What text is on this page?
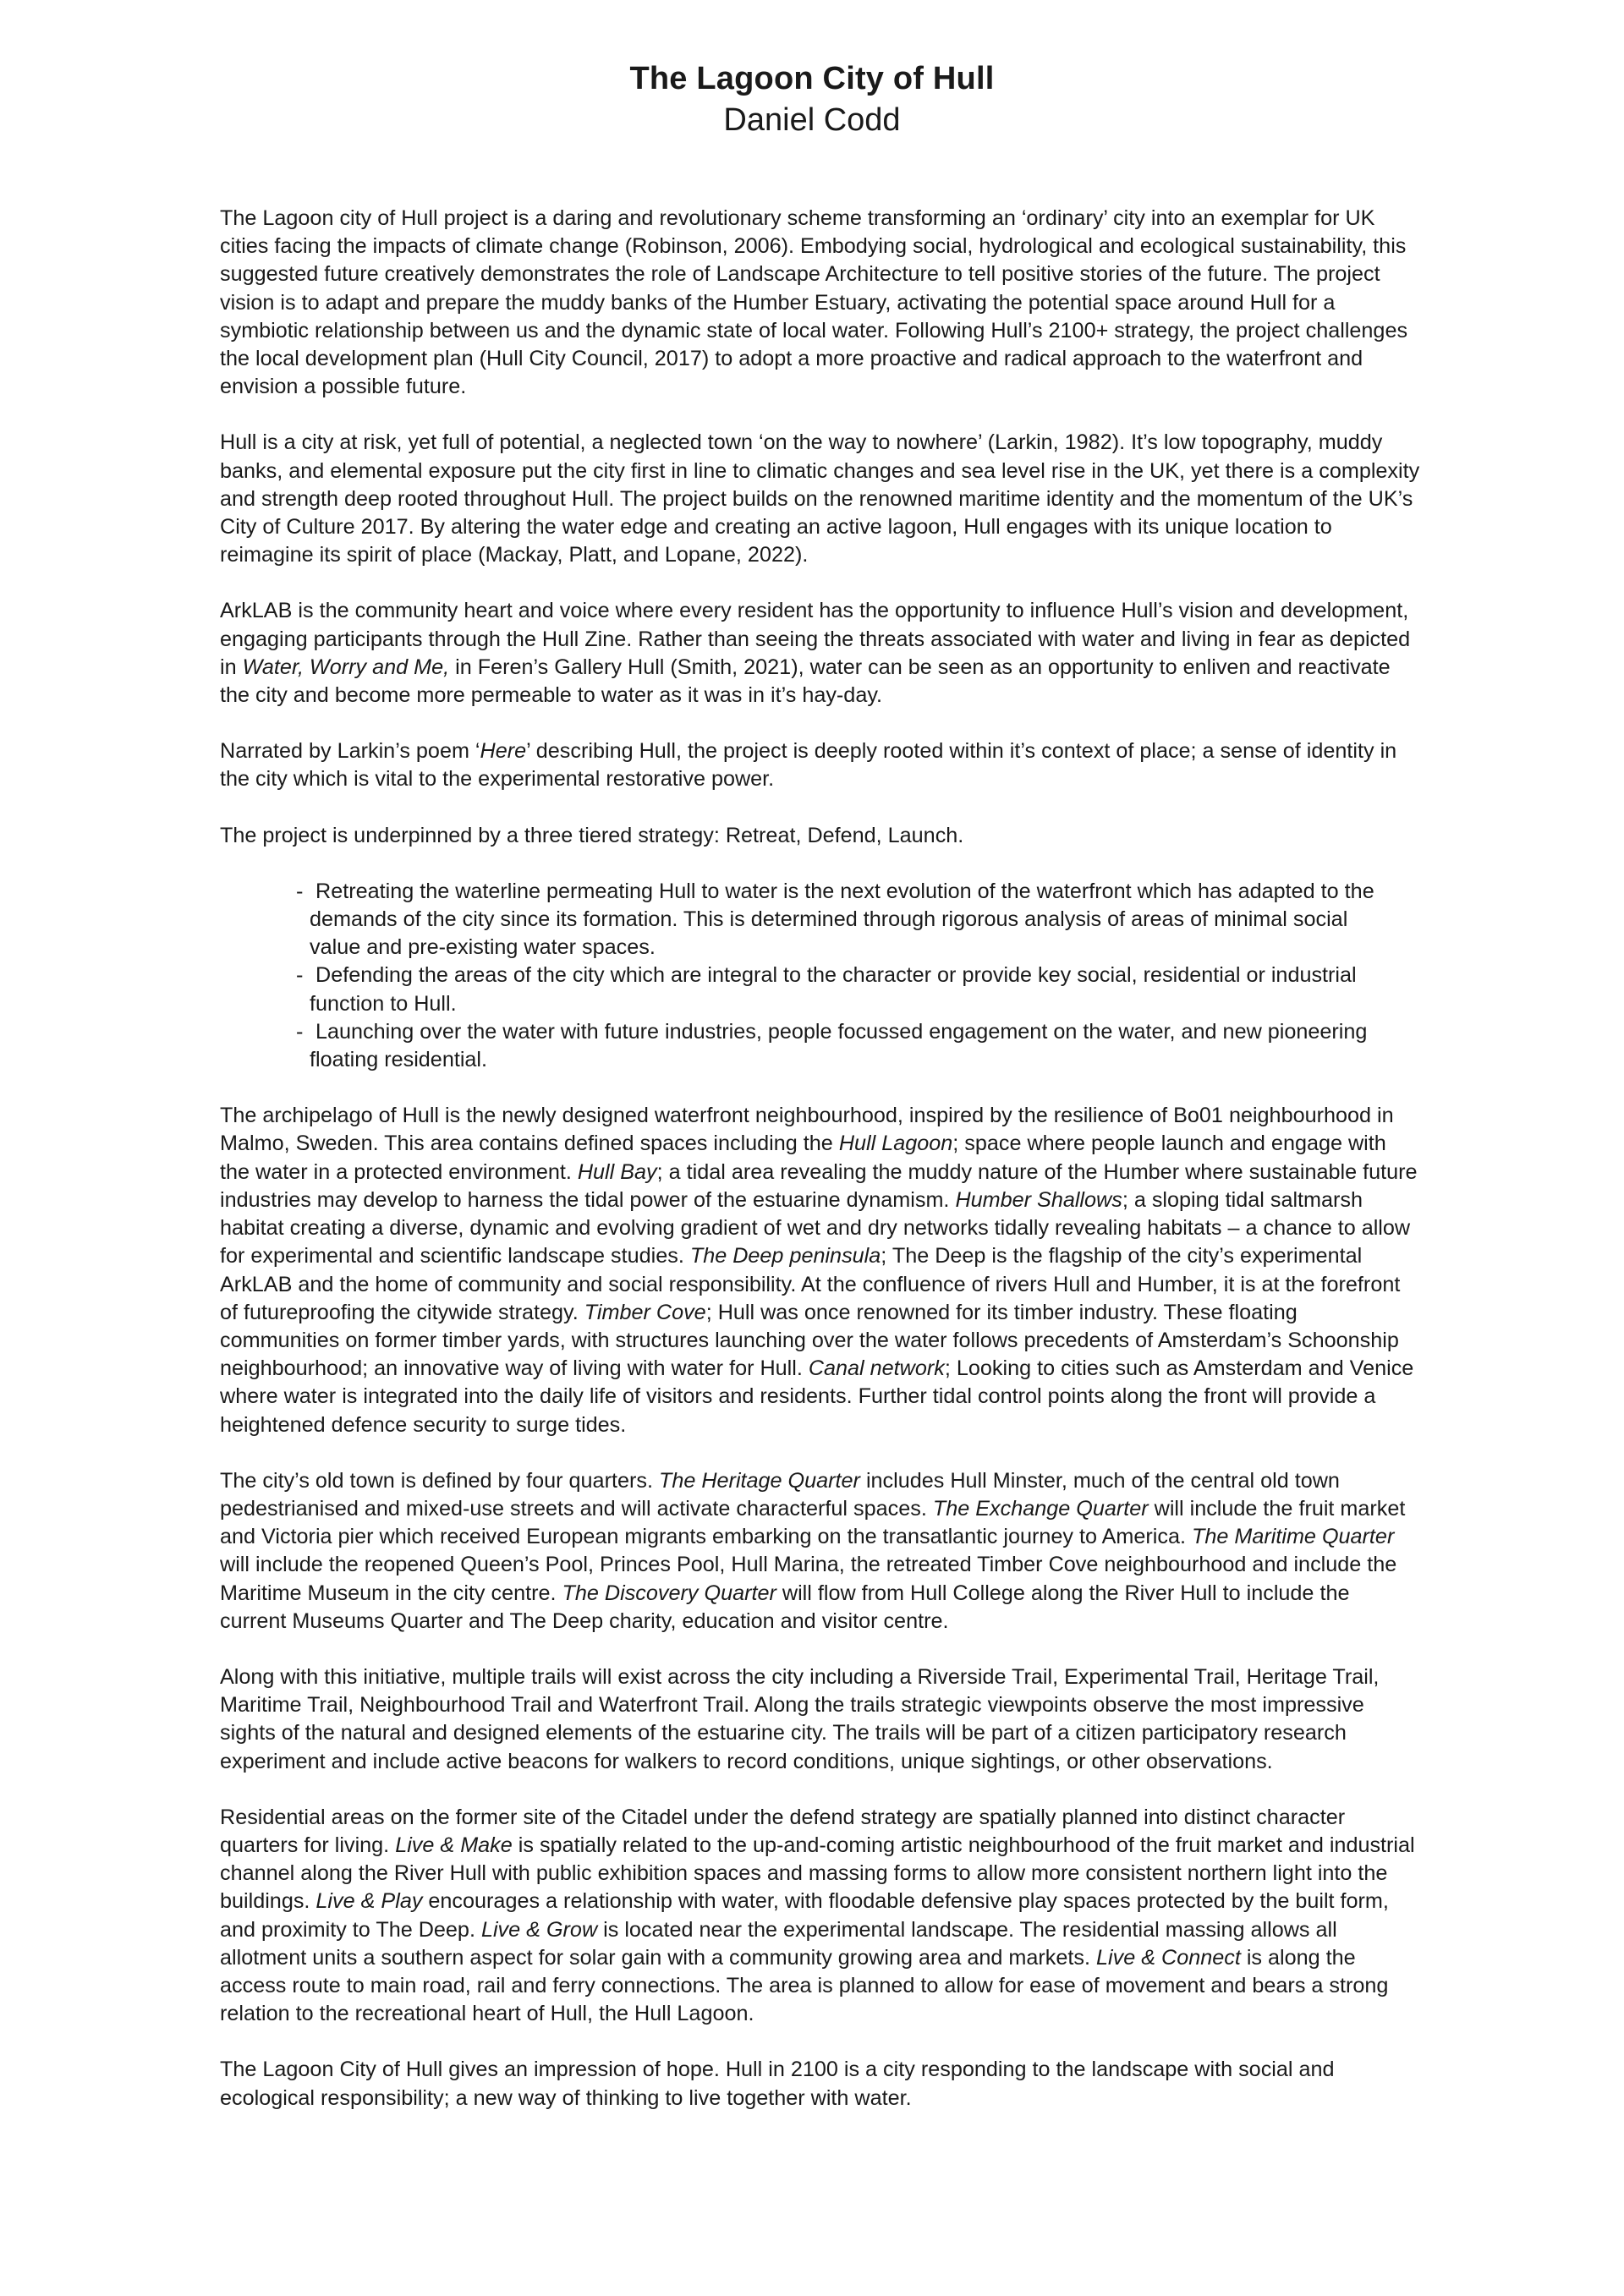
The Lagoon City of Hull
Daniel Codd

The Lagoon city of Hull project is a daring and revolutionary scheme transforming an ‘ordinary’ city into an exemplar for UK cities facing the impacts of climate change (Robinson, 2006). Embodying social, hydrological and ecological sustainability, this suggested future creatively demonstrates the role of Landscape Architecture to tell positive stories of the future. The project vision is to adapt and prepare the muddy banks of the Humber Estuary, activating the potential space around Hull for a symbiotic relationship between us and the dynamic state of local water. Following Hull’s 2100+ strategy, the project challenges the local development plan (Hull City Council, 2017) to adopt a more proactive and radical approach to the waterfront and envision a possible future.

Hull is a city at risk, yet full of potential, a neglected town ‘on the way to nowhere’ (Larkin, 1982). It’s low topography, muddy banks, and elemental exposure put the city first in line to climatic changes and sea level rise in the UK, yet there is a complexity and strength deep rooted throughout Hull. The project builds on the renowned maritime identity and the momentum of the UK’s City of Culture 2017. By altering the water edge and creating an active lagoon, Hull engages with its unique location to reimagine its spirit of place (Mackay, Platt, and Lopane, 2022).

ArkLAB is the community heart and voice where every resident has the opportunity to influence Hull’s vision and development, engaging participants through the Hull Zine. Rather than seeing the threats associated with water and living in fear as depicted in Water, Worry and Me, in Feren’s Gallery Hull (Smith, 2021), water can be seen as an opportunity to enliven and reactivate the city and become more permeable to water as it was in it’s hay-day.

Narrated by Larkin’s poem ‘Here’ describing Hull, the project is deeply rooted within it’s context of place; a sense of identity in the city which is vital to the experimental restorative power.

The project is underpinned by a three tiered strategy: Retreat, Defend, Launch.

- Retreating the waterline permeating Hull to water is the next evolution of the waterfront which has adapted to the demands of the city since its formation. This is determined through rigorous analysis of areas of minimal social value and pre-existing water spaces.
- Defending the areas of the city which are integral to the character or provide key social, residential or industrial function to Hull.
- Launching over the water with future industries, people focussed engagement on the water, and new pioneering floating residential.

The archipelago of Hull is the newly designed waterfront neighbourhood, inspired by the resilience of Bo01 neighbourhood in Malmo, Sweden. This area contains defined spaces including the Hull Lagoon; space where people launch and engage with the water in a protected environment. Hull Bay; a tidal area revealing the muddy nature of the Humber where sustainable future industries may develop to harness the tidal power of the estuarine dynamism. Humber Shallows; a sloping tidal saltmarsh habitat creating a diverse, dynamic and evolving gradient of wet and dry networks tidally revealing habitats – a chance to allow for experimental and scientific landscape studies. The Deep peninsula; The Deep is the flagship of the city’s experimental ArkLAB and the home of community and social responsibility. At the confluence of rivers Hull and Humber, it is at the forefront of futureproofing the citywide strategy. Timber Cove; Hull was once renowned for its timber industry. These floating communities on former timber yards, with structures launching over the water follows precedents of Amsterdam’s Schoonship neighbourhood; an innovative way of living with water for Hull. Canal network; Looking to cities such as Amsterdam and Venice where water is integrated into the daily life of visitors and residents. Further tidal control points along the front will provide a heightened defence security to surge tides.

The city’s old town is defined by four quarters. The Heritage Quarter includes Hull Minster, much of the central old town pedestrianised and mixed-use streets and will activate characterful spaces. The Exchange Quarter will include the fruit market and Victoria pier which received European migrants embarking on the transatlantic journey to America. The Maritime Quarter will include the reopened Queen’s Pool, Princes Pool, Hull Marina, the retreated Timber Cove neighbourhood and include the Maritime Museum in the city centre. The Discovery Quarter will flow from Hull College along the River Hull to include the current Museums Quarter and The Deep charity, education and visitor centre.

Along with this initiative, multiple trails will exist across the city including a Riverside Trail, Experimental Trail, Heritage Trail, Maritime Trail, Neighbourhood Trail and Waterfront Trail. Along the trails strategic viewpoints observe the most impressive sights of the natural and designed elements of the estuarine city. The trails will be part of a citizen participatory research experiment and include active beacons for walkers to record conditions, unique sightings, or other observations.

Residential areas on the former site of the Citadel under the defend strategy are spatially planned into distinct character quarters for living. Live & Make is spatially related to the up-and-coming artistic neighbourhood of the fruit market and industrial channel along the River Hull with public exhibition spaces and massing forms to allow more consistent northern light into the buildings. Live & Play encourages a relationship with water, with floodable defensive play spaces protected by the built form, and proximity to The Deep. Live & Grow is located near the experimental landscape. The residential massing allows all allotment units a southern aspect for solar gain with a community growing area and markets. Live & Connect is along the access route to main road, rail and ferry connections. The area is planned to allow for ease of movement and bears a strong relation to the recreational heart of Hull, the Hull Lagoon.

The Lagoon City of Hull gives an impression of hope. Hull in 2100 is a city responding to the landscape with social and ecological responsibility; a new way of thinking to live together with water.
